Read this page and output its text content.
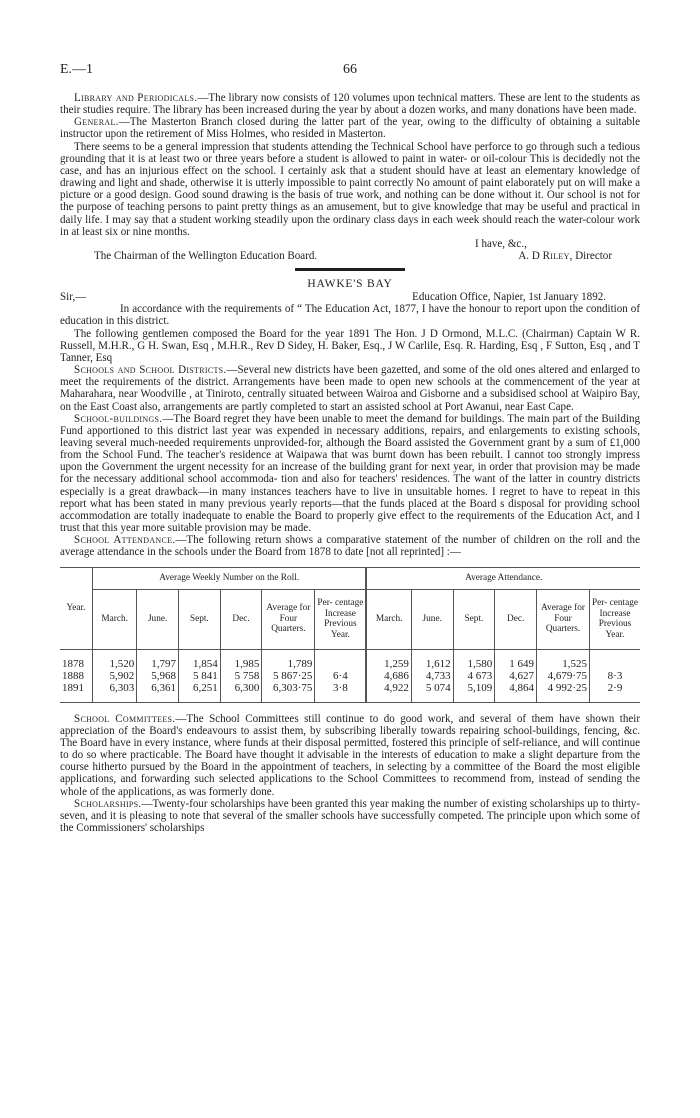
E.—1	66

Library and Periodicals.—The library now consists of 120 volumes upon technical matters. These are lent to the students as their studies require. The library has been increased during the year by about a dozen works, and many donations have been made.

General.—The Masterton Branch closed during the latter part of the year, owing to the difficulty of obtaining a suitable instructor upon the retirement of Miss Holmes, who resided in Masterton.

There seems to be a general impression that students attending the Technical School have perforce to go through such a tedious grounding that it is at least two or three years before a student is allowed to paint in water- or oil-colour This is decidedly not the case, and has an injurious effect on the school. I certainly ask that a student should have at least an elementary knowledge of drawing and light and shade, otherwise it is utterly impossible to paint correctly No amount of paint elaborately put on will make a picture or a good design. Good sound drawing is the basis of true work, and nothing can be done without it. Our school is not for the purpose of teaching persons to paint pretty things as an amusement, but to give knowledge that may be useful and practical in daily life. I may say that a student working steadily upon the ordinary class days in each week should reach the water-colour work in at least six or nine months.

I have, &c.,
The Chairman of the Wellington Education Board.	A. D Riley, Director
HAWKE'S BAY
Sir,—	Education Office, Napier, 1st January 1892.

In accordance with the requirements of “ The Education Act, 1877, I have the honour to report upon the condition of education in this district.

The following gentlemen composed the Board for the year 1891 The Hon. J D Ormond, M.L.C. (Chairman) Captain W R. Russell, M.H.R., G H. Swan, Esq , M.H.R., Rev D Sidey, H. Baker, Esq., J W Carlile, Esq. R. Harding, Esq , F Sutton, Esq , and T Tanner, Esq

Schools and School Districts.—Several new districts have been gazetted, and some of the old ones altered and enlarged to meet the requirements of the district. Arrangements have been made to open new schools at the commencement of the year at Maharahara, near Woodville , at Tiniroto, centrally situated between Wairoa and Gisborne and a subsidised school at Waipiro Bay, on the East Coast also, arrangements are partly completed to start an assisted school at Port Awanui, near East Cape.

School-buildings.—The Board regret they have been unable to meet the demand for buildings. The main part of the Building Fund apportioned to this district last year was expended in necessary additions, repairs, and enlargements to existing schools, leaving several much-needed requirements unprovided-for, although the Board assisted the Government grant by a sum of £1,000 from the School Fund. The teacher's residence at Waipawa that was burnt down has been rebuilt. I cannot too strongly impress upon the Government the urgent necessity for an increase of the building grant for next year, in order that provision may be made for the necessary additional school accommoda- tion and also for teachers' residences. The want of the latter in country districts especially is a great drawback—in many instances teachers have to live in unsuitable homes. I regret to have to repeat in this report what has been stated in many previous yearly reports—that the funds placed at the Board s disposal for providing school accommodation are totally inadequate to enable the Board to properly give effect to the requirements of the Education Act, and I trust that this year more suitable provision may be made.

School Attendance.—The following return shows a comparative statement of the number of children on the roll and the average attendance in the schools under the Board from 1878 to date [not all reprinted] :—

Year.	Average Weekly Number on the Roll.						Average Attendance.					
	March.	June.	Sept.	Dec.	Average for Four Quarters.	Per- centage Increase Previous Year.	March.	June.	Sept.	Dec.	Average for Four Quarters.	Per- centage Increase Previous Year.
1878	1,520	1,797	1,854	1,985	1,789		1,259	1,612	1,580	1 649	1,525	
1888	5,902	5,968	5 841	5 758	5 867·25	6·4	4,686	4,733	4 673	4,627	4,679·75	8·3
1891	6,303	6,361	6,251	6,300	6,303·75	3·8	4,922	5 074	5,109	4,864	4 992·25	2·9

School Committees.—The School Committees still continue to do good work, and several of them have shown their appreciation of the Board's endeavours to assist them, by subscribing liberally towards repairing school-buildings, fencing, &c. The Board have in every instance, where funds at their disposal permitted, fostered this principle of self-reliance, and will continue to do so where practicable. The Board have thought it advisable in the interests of education to make a slight departure from the course hitherto pursued by the Board in the appointment of teachers, in selecting by a committee of the Board the most eligible applications, and forwarding such selected applications to the School Committees to recommend from, instead of sending the whole of the applications, as was formerly done.

Scholarships.—Twenty-four scholarships have been granted this year making the number of existing scholarships up to thirty-seven, and it is pleasing to note that several of the smaller schools have successfully competed. The principle upon which some of the Commissioners' scholarships
